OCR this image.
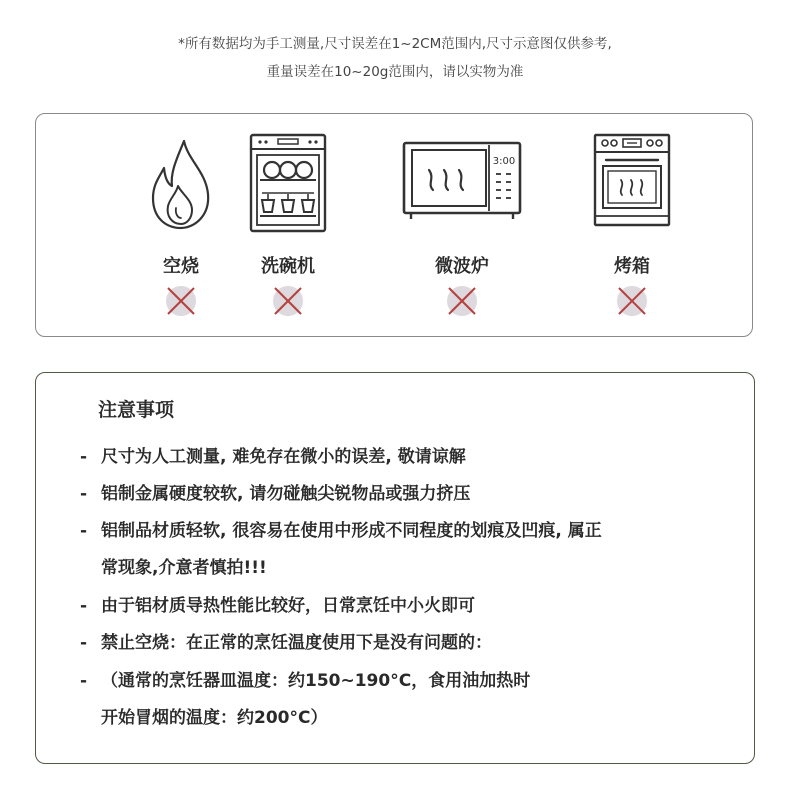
*所有数据均为手工测量,尺寸误差在1~2CM范围内,尺寸示意图仅供参考,
重量误差在10~20g范围内，请以实物为准
空烧	洗碗机
3:00
微波炉	烤箱
注意事项
- 尺寸为人工测量, 难免存在微小的误差, 敬请谅解
- 铝制金属硬度较软, 请勿碰触尖锐物品或强力挤压
- 铝制品材质轻软, 很容易在使用中形成不同程度的划痕及凹痕, 属正
常现象,介意者慎拍!!!
- 由于铝材质导热性能比较好，日常烹饪中小火即可
- 禁止空烧：在正常的烹饪温度使用下是没有问题的：
- （通常的烹饪器皿温度：约150~190°C，食用油加热时
开始冒烟的温度：约200°C）
